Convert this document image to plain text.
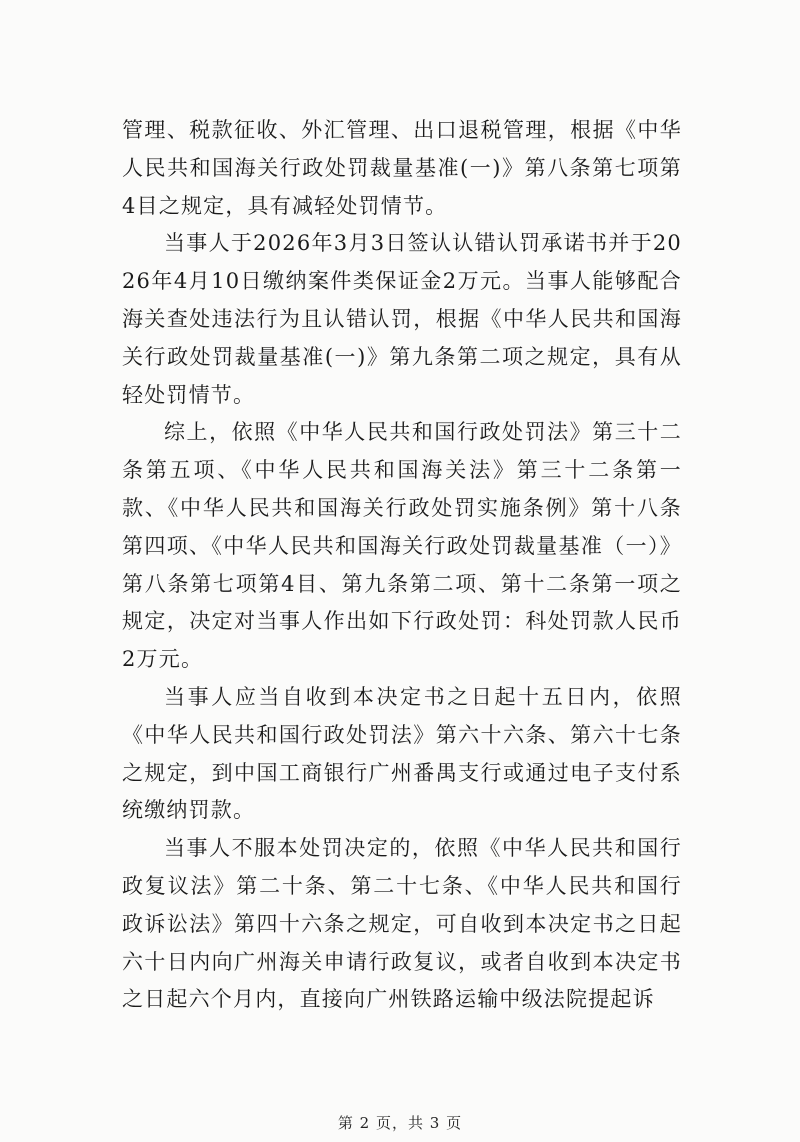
管理、税款征收、外汇管理、出口退税管理，根据《中华人民共和国海关行政处罚裁量基准(一)》第八条第七项第4目之规定，具有减轻处罚情节。

当事人于2026年3月3日签认认错认罚承诺书并于2026年4月10日缴纳案件类保证金2万元。当事人能够配合海关查处违法行为且认错认罚，根据《中华人民共和国海关行政处罚裁量基准(一)》第九条第二项之规定，具有从轻处罚情节。

综上，依照《中华人民共和国行政处罚法》第三十二条第五项、《中华人民共和国海关法》第三十二条第一款、《中华人民共和国海关行政处罚实施条例》第十八条第四项、《中华人民共和国海关行政处罚裁量基准（一）》第八条第七项第4目、第九条第二项、第十二条第一项之规定，决定对当事人作出如下行政处罚：科处罚款人民币2万元。

当事人应当自收到本决定书之日起十五日内，依照《中华人民共和国行政处罚法》第六十六条、第六十七条之规定，到中国工商银行广州番禺支行或通过电子支付系统缴纳罚款。

当事人不服本处罚决定的，依照《中华人民共和国行政复议法》第二十条、第二十七条、《中华人民共和国行政诉讼法》第四十六条之规定，可自收到本决定书之日起六十日内向广州海关申请行政复议，或者自收到本决定书之日起六个月内，直接向广州铁路运输中级法院提起诉

第 2 页，共 3 页
